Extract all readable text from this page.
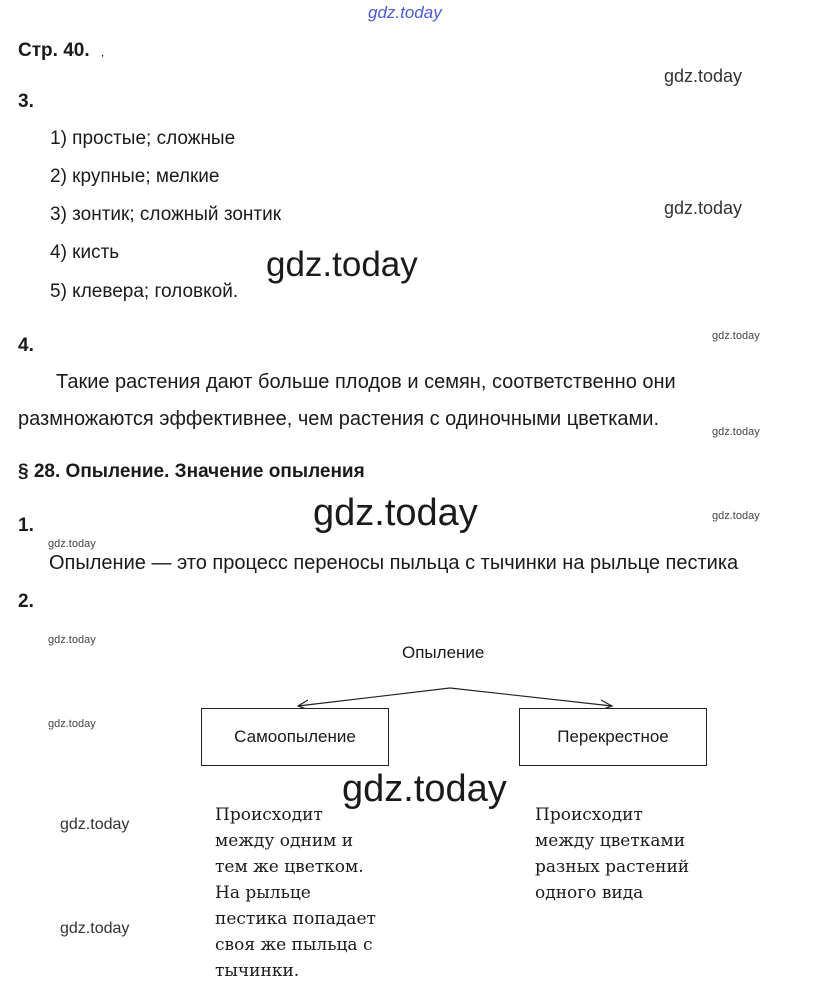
gdz.today
Стр. 40. ,
gdz.today
3.
1) простые; сложные
2) крупные; мелкие
3) зонтик; сложный зонтик	gdz.today
4) кисть
5) клевера; головкой.
gdz.today
gdz.today
4.
Такие растения дают больше плодов и семян, соответственно они
размножаются эффективнее, чем растения с одиночными цветками.
gdz.today
§ 28. Опыление. Значение опыления
gdz.today	gdz.today
1.
gdz.today
Опыление — это процесс переносы пыльца с тычинки на рыльце пестика
2.
gdz.today
Опыление
gdz.today
Самоопыление	Перекрестное
gdz.today
Происходит
между одним и
тем же цветком.
На рыльце
пестика попадает
своя же пыльца с
тычинки.
Происходит
между цветками
разных растений
одного вида
gdz.today
gdz.today
